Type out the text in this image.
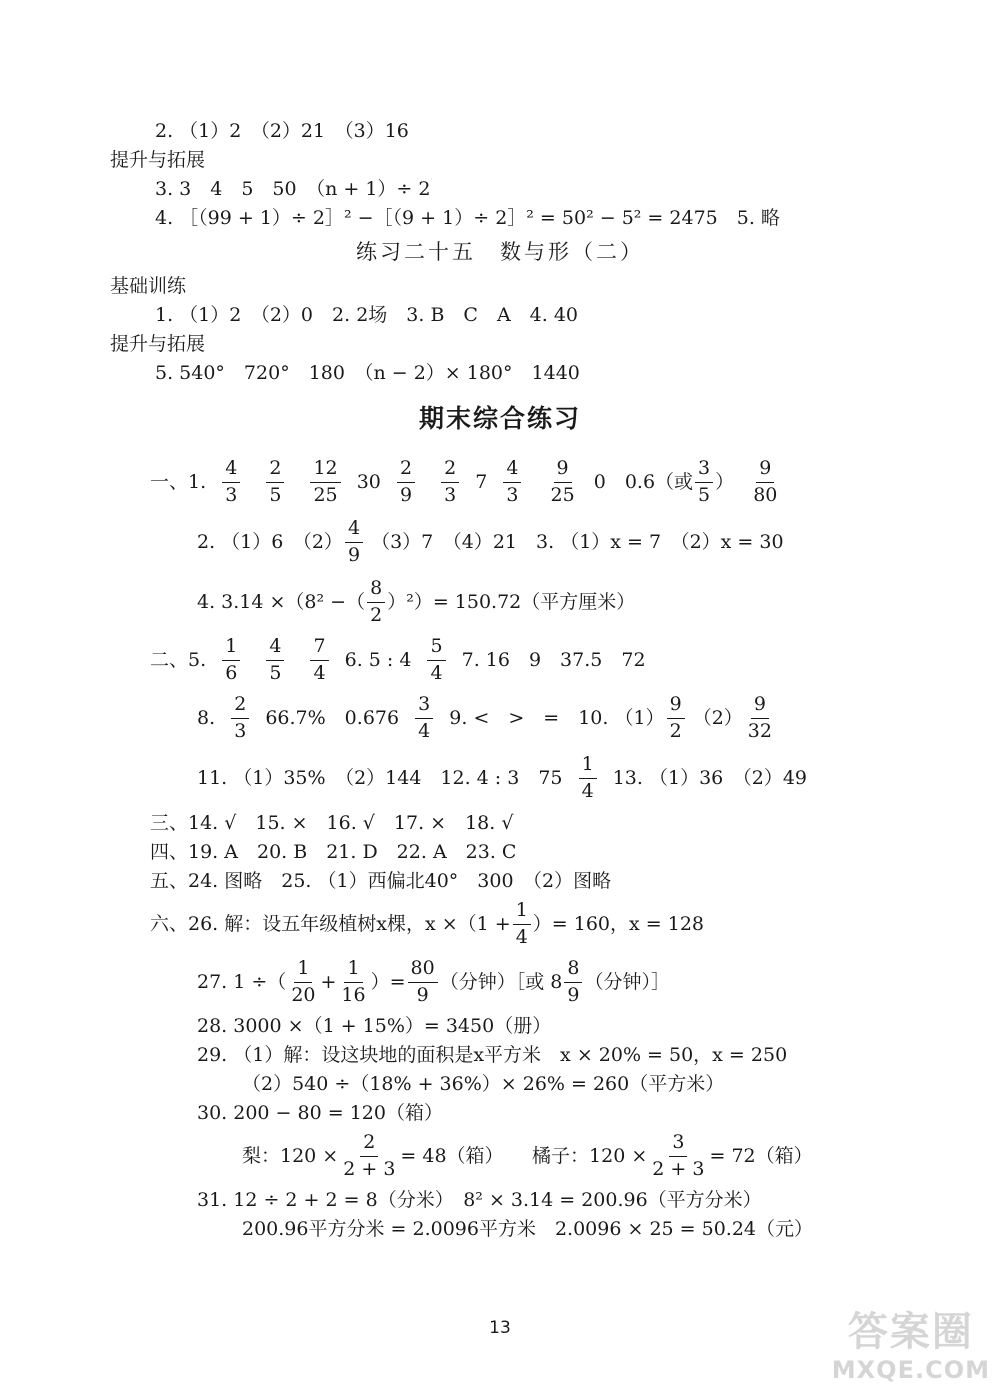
2. （1）2　（2）21　（3）16
提升与拓展
3. 3　4　5　50　（n + 1）÷ 2
4. ［（99 + 1）÷ 2］² −［（9 + 1）÷ 2］² = 50² − 5² = 2475　5. 略
练习二十五　数与形（二）
基础训练
1. （1）2　（2）0　2. 2场　3. B　C　A　4. 40
提升与拓展
5. 540°　720°　180　（n − 2）× 180°　1440
期末综合练习
一、1. $\frac{4}{3}$
$\frac{2}{5}$
$\frac{12}{25} 30 \frac{2}{9}$
$\frac{2}{3} 7 \frac{4}{3}$
$\frac{9}{25} 0$　0.6（或 $\frac{3}{5}$ ） $\frac{9}{80}$
2. （1）6　$(2) \frac{4}{9} (3)7$　（4）21　3. （1）x = 7　（2）x = 30
4. 3.14 ×（8² −（ $\frac{8}{2} )^2)= 150.72$（平方厘米）
二、5. $\frac{1}{6}$
$\frac{4}{5}$
$\frac{7}{4} 6$. 5 : $4 \frac{5}{4} 7$. 16　9　37.5　72
8. $\frac{2}{3} 66.7\%$　$0.676 \frac{3}{4} 9$. <　>　=　10. $(1) \frac{9}{2} (2) \frac{9}{32}$
11. （1）35%　（2）144　12. 4 : 3　$75 \frac{1}{4} 13$. （1）36　（2）49
三、14. √　15. ×　16. √　17. ×　18. √
四、19. A　20. B　21. D　22. A　23. C
五、24. 图略　25. （1）西偏北40°　300　（2）图略
六、26. 解：设五年级植树x棵，$x \times(1 + \frac{1}{4}$ ）= 160，x = 128
27. 1 ÷（ $\frac{1}{20} + \frac{1}{16}$ ）= $\frac{80}{9}$ （分钟）［或 $8 \frac{8}{9}$ （分钟）］
28. 3000 ×（1 + 15%）= 3450（册）
29. （1）解：设这块地的面积是x平方米　x × 20% = 50，x = 250
（2）540 ÷（18% + 36%）× 26% = 260（平方米）
30. 200 − 80 = 120（箱）
梨：$120 \times \frac{2}{2 + 3} = 48$（箱）　　橘子：$120 \times \frac{3}{2 + 3} = 72$（箱）
31. 12 ÷ 2 + 2 = 8（分米）　8² × 3.14 = 200.96（平方分米）
200.96平方分米 = 2.0096平方米　2.0096 × 25 = 50.24（元）
13	答案圈
MXQE.COM
